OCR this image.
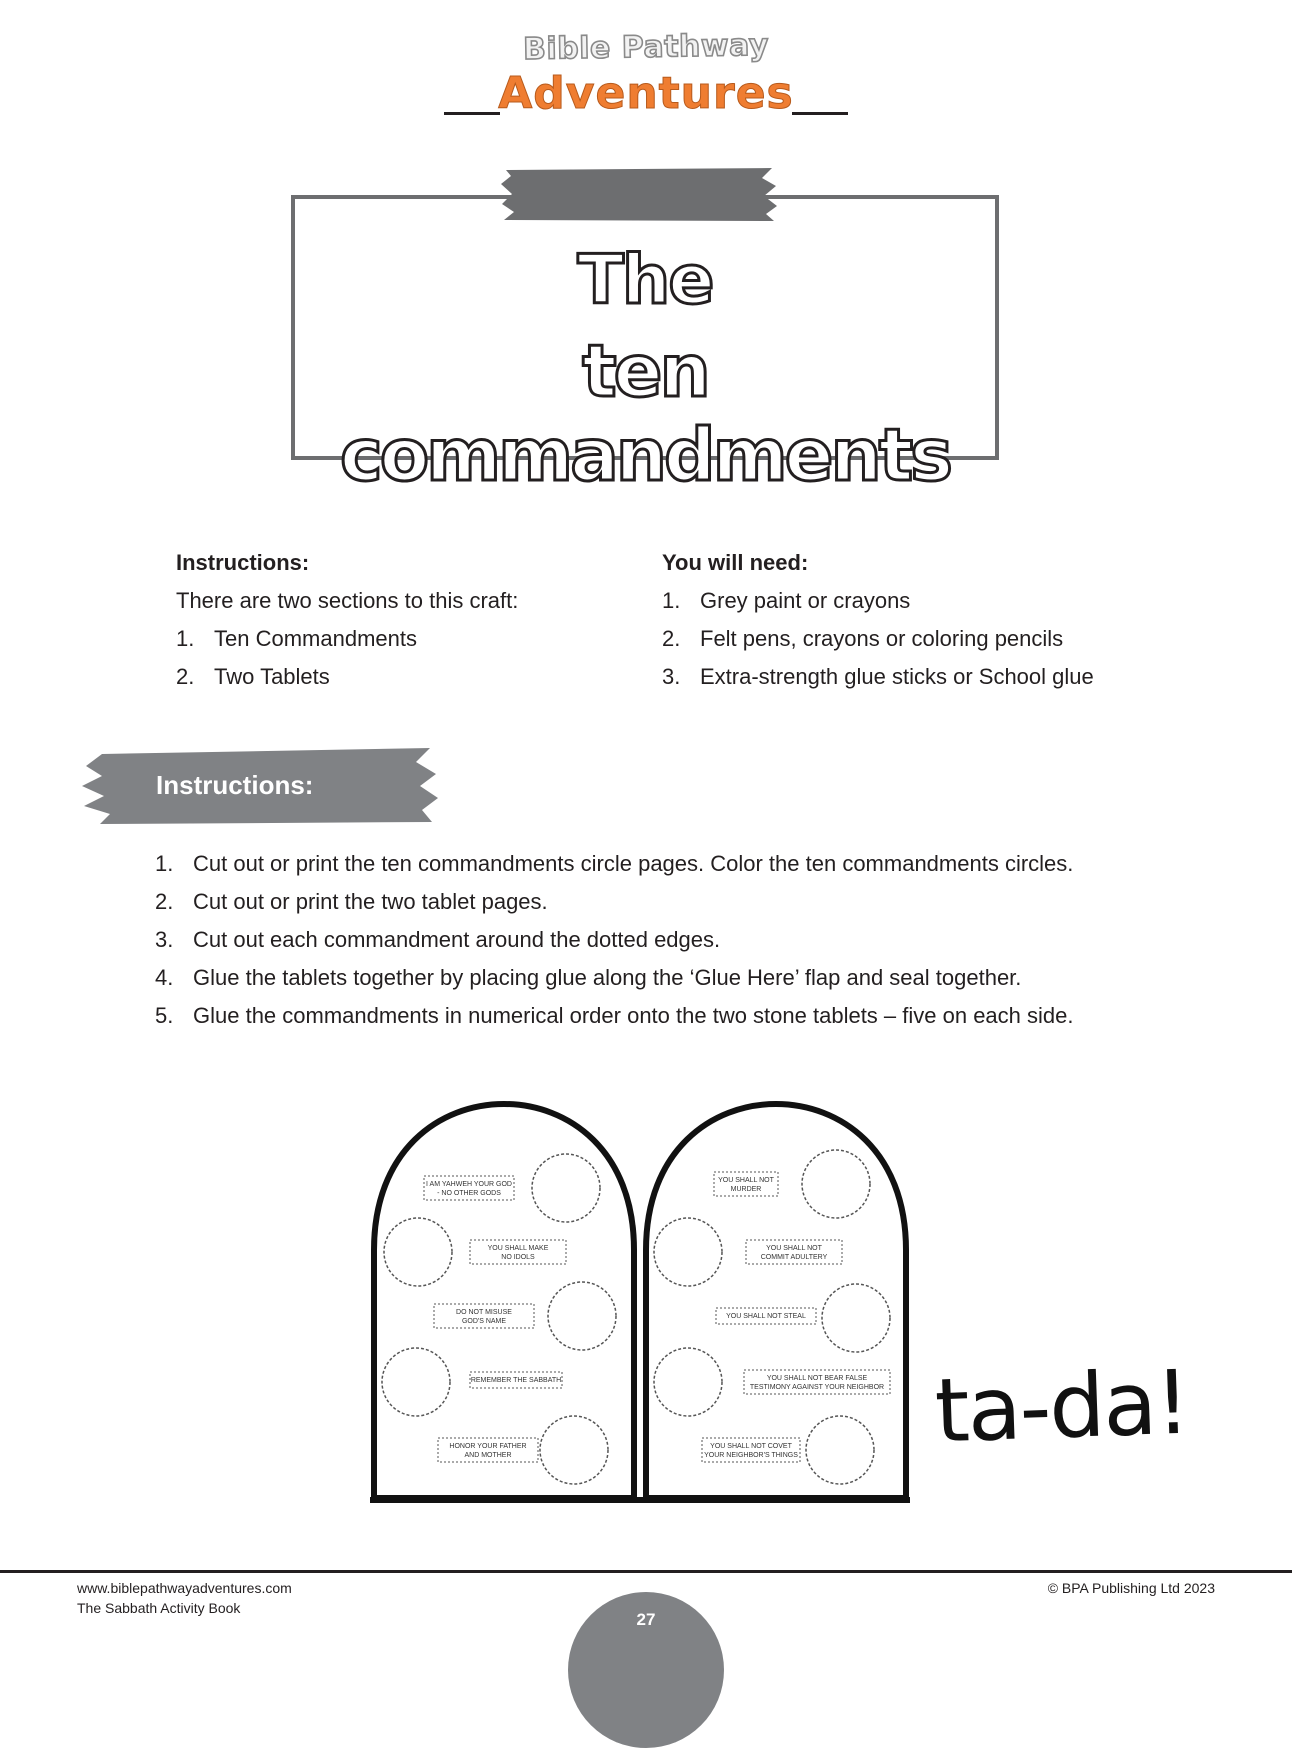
Bible Pathway
Adventures
The
ten commandments
Instructions:
There are two sections to this craft:
1. Ten Commandments
2. Two Tablets
You will need:
1. Grey paint or crayons
2. Felt pens, crayons or coloring pencils
3. Extra-strength glue sticks or School glue
Instructions:
1. Cut out or print the ten commandments circle pages. Color the ten commandments circles.
2. Cut out or print the two tablet pages.
3. Cut out each commandment around the dotted edges.
4. Glue the tablets together by placing glue along the ‘Glue Here’ flap and seal together.
5. Glue the commandments in numerical order onto the two stone tablets – five on each side.
I AM YAHWEH YOUR GOD
- NO OTHER GODS
YOU SHALL MAKE
NO IDOLS
DO NOT MISUSE
GOD'S NAME
REMEMBER THE SABBATH
HONOR YOUR FATHER
AND MOTHER
YOU SHALL NOT
MURDER
YOU SHALL NOT
COMMIT ADULTERY
YOU SHALL NOT STEAL
YOU SHALL NOT BEAR FALSE
TESTIMONY AGAINST YOUR NEIGHBOR
YOU SHALL NOT COVET
YOUR NEIGHBOR'S THINGS ta-da!
www.biblepathwayadventures.com
The Sabbath Activity Book
© BPA Publishing Ltd 2023
27
